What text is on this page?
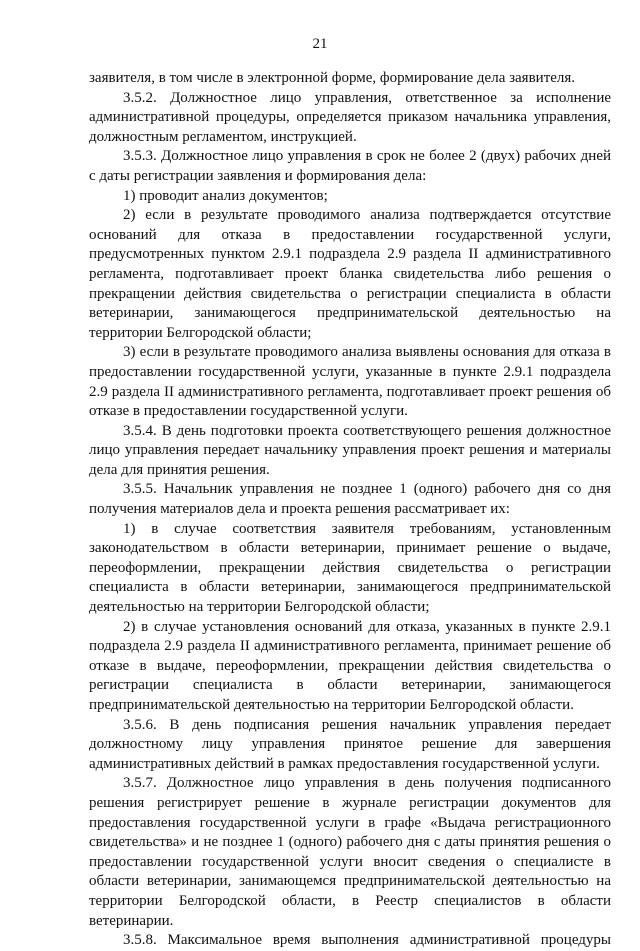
21

заявителя, в том числе в электронной форме, формирование дела заявителя.

3.5.2. Должностное лицо управления, ответственное за исполнение административной процедуры, определяется приказом начальника управления, должностным регламентом, инструкцией.

3.5.3. Должностное лицо управления в срок не более 2 (двух) рабочих дней с даты регистрации заявления и формирования дела:

1) проводит анализ документов;

2) если в результате проводимого анализа подтверждается отсутствие оснований для отказа в предоставлении государственной услуги, предусмотренных пунктом 2.9.1 подраздела 2.9 раздела II административного регламента, подготавливает проект бланка свидетельства либо решения о прекращении действия свидетельства о регистрации специалиста в области ветеринарии, занимающегося предпринимательской деятельностью на территории Белгородской области;

3) если в результате проводимого анализа выявлены основания для отказа в предоставлении государственной услуги, указанные в пункте 2.9.1 подраздела 2.9 раздела II административного регламента, подготавливает проект решения об отказе в предоставлении государственной услуги.

3.5.4. В день подготовки проекта соответствующего решения должностное лицо управления передает начальнику управления проект решения и материалы дела для принятия решения.

3.5.5. Начальник управления не позднее 1 (одного) рабочего дня со дня получения материалов дела и проекта решения рассматривает их:

1) в случае соответствия заявителя требованиям, установленным законодательством в области ветеринарии, принимает решение о выдаче, переоформлении, прекращении действия свидетельства о регистрации специалиста в области ветеринарии, занимающегося предпринимательской деятельностью на территории Белгородской области;

2) в случае установления оснований для отказа, указанных в пункте 2.9.1 подраздела 2.9 раздела II административного регламента, принимает решение об отказе в выдаче, переоформлении, прекращении действия свидетельства о регистрации специалиста в области ветеринарии, занимающегося предпринимательской деятельностью на территории Белгородской области.

3.5.6. В день подписания решения начальник управления передает должностному лицу управления принятое решение для завершения административных действий в рамках предоставления государственной услуги.

3.5.7. Должностное лицо управления в день получения подписанного решения регистрирует решение в журнале регистрации документов для предоставления государственной услуги в графе «Выдача регистрационного свидетельства» и не позднее 1 (одного) рабочего дня с даты принятия решения о предоставлении государственной услуги вносит сведения о специалисте в области ветеринарии, занимающемся предпринимательской деятельностью на территории Белгородской области, в Реестр специалистов в области ветеринарии.

3.5.8. Максимальное время выполнения административной процедуры
